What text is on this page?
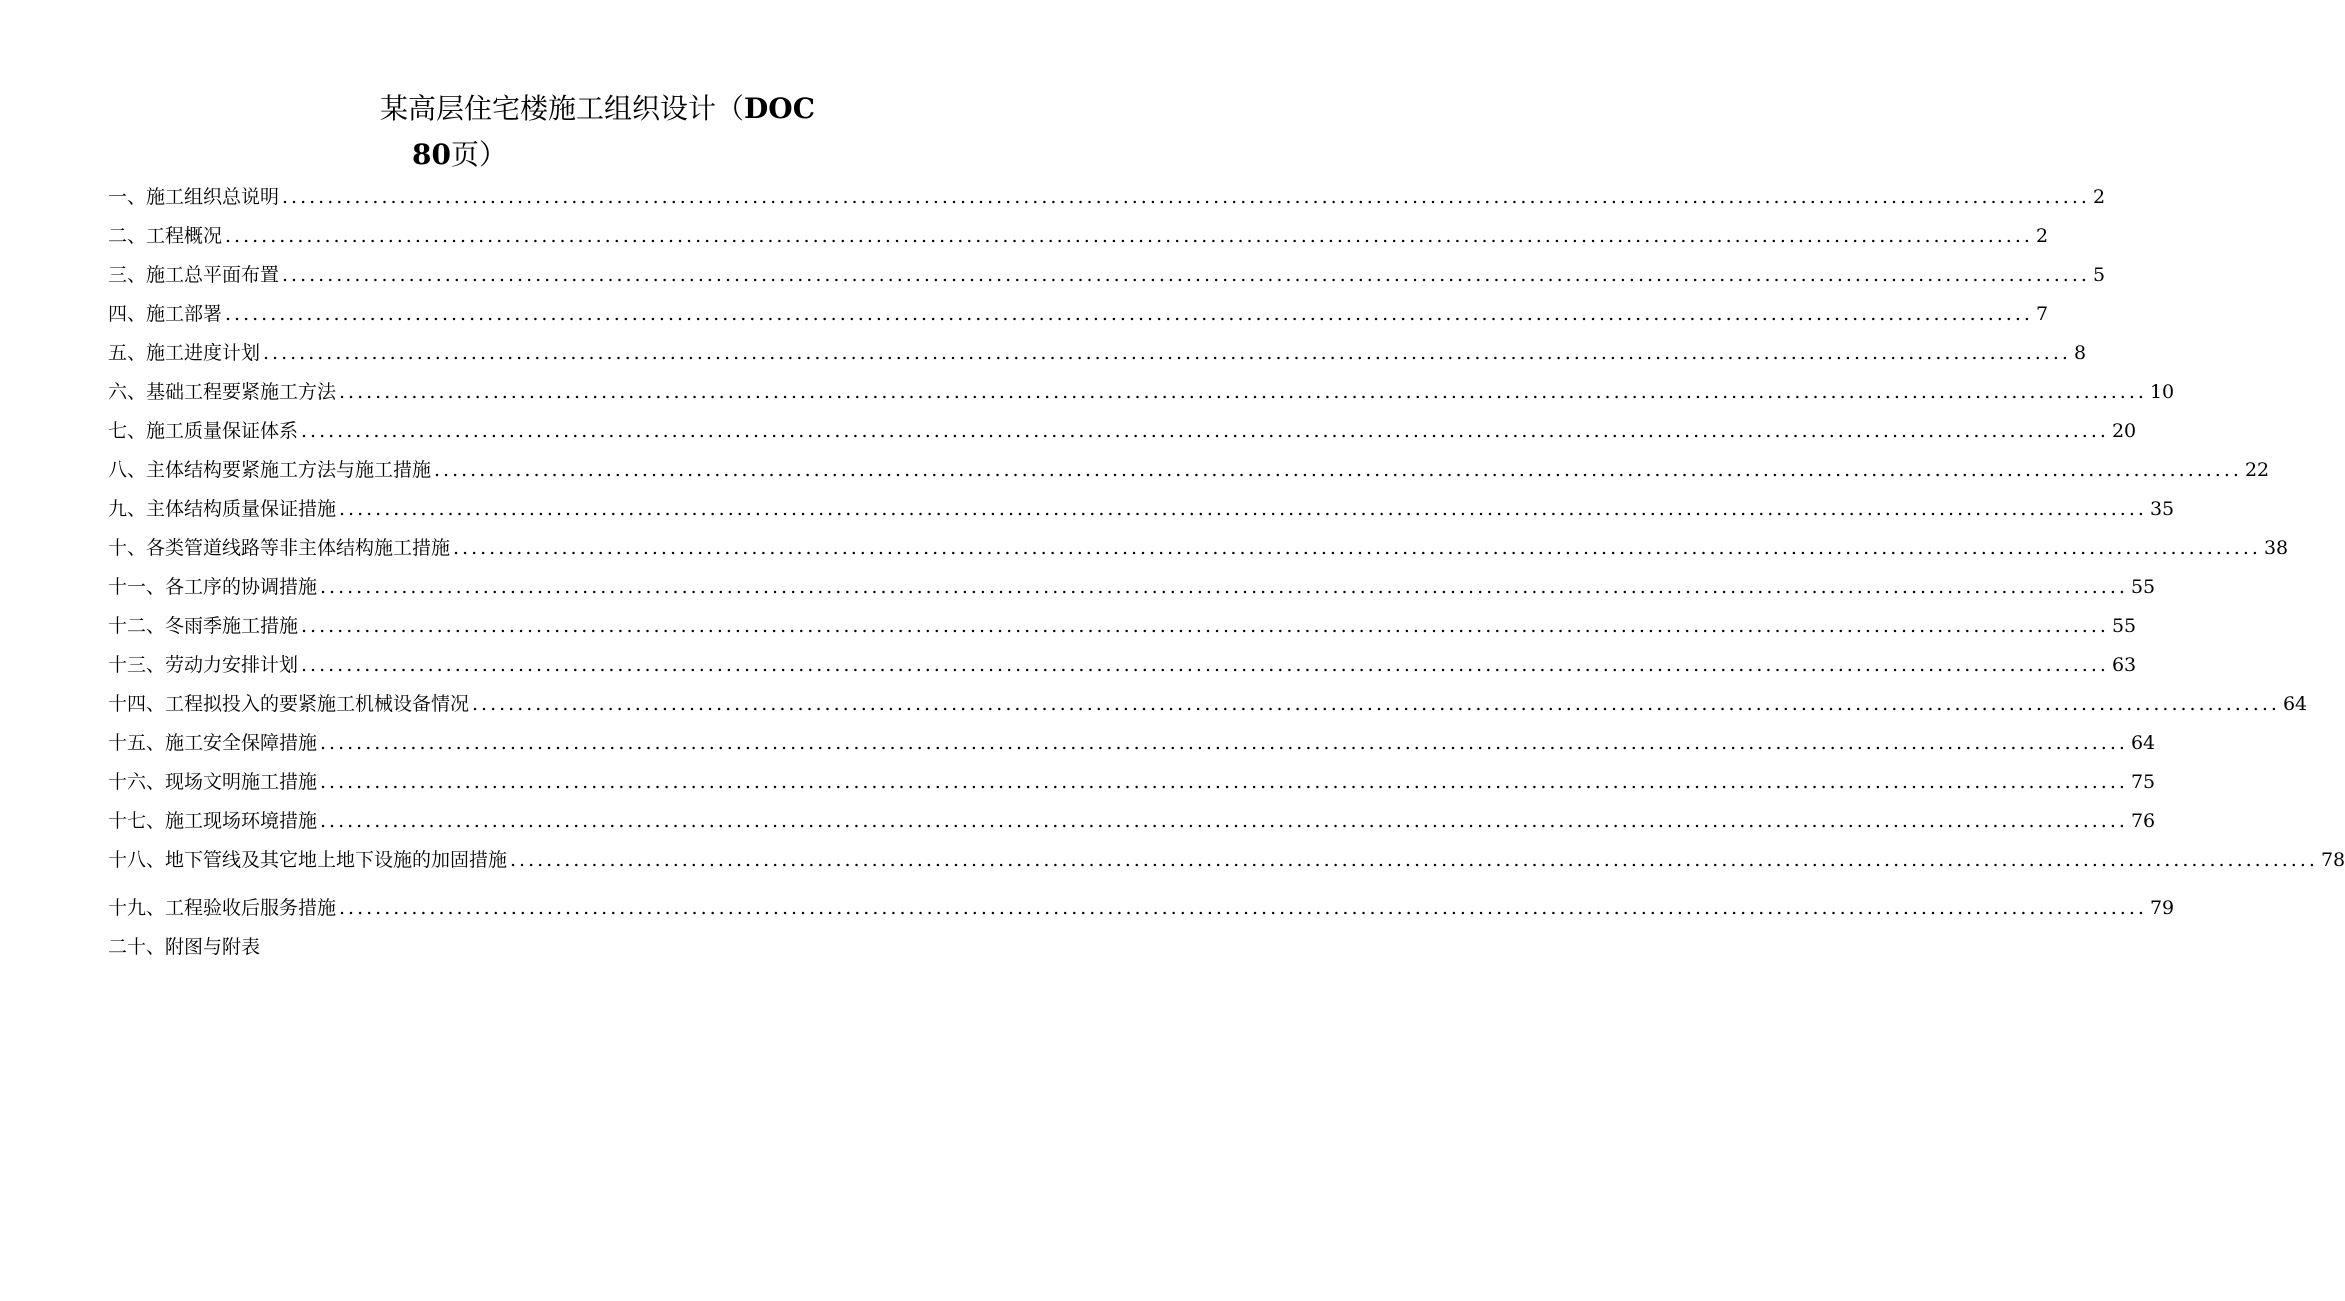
某高层住宅楼施工组织设计（DOC
80页）
一、施工组织总说明 ........................................................................................................................................................................................................ 2
二、工程概况 ........................................................................................................................................................................................................ 2
三、施工总平面布置 ........................................................................................................................................................................................................ 5
四、施工部署 ........................................................................................................................................................................................................ 7
五、施工进度计划 ........................................................................................................................................................................................................ 8
六、基础工程要紧施工方法 ........................................................................................................................................................................................................ 10
七、施工质量保证体系 ........................................................................................................................................................................................................ 20
八、主体结构要紧施工方法与施工措施 ........................................................................................................................................................................................................ 22
九、主体结构质量保证措施 ........................................................................................................................................................................................................ 35
十、各类管道线路等非主体结构施工措施 ........................................................................................................................................................................................................ 38
十一、各工序的协调措施 ........................................................................................................................................................................................................ 55
十二、冬雨季施工措施 ........................................................................................................................................................................................................ 55
十三、劳动力安排计划 ........................................................................................................................................................................................................ 63
十四、工程拟投入的要紧施工机械设备情况 ........................................................................................................................................................................................................ 64
十五、施工安全保障措施 ........................................................................................................................................................................................................ 64
十六、现场文明施工措施 ........................................................................................................................................................................................................ 75
十七、施工现场环境措施 ........................................................................................................................................................................................................ 76
十八、地下管线及其它地上地下设施的加固措施 ........................................................................................................................................................................................................ 78
十九、工程验收后服务措施 ........................................................................................................................................................................................................ 79
二十、附图与附表
